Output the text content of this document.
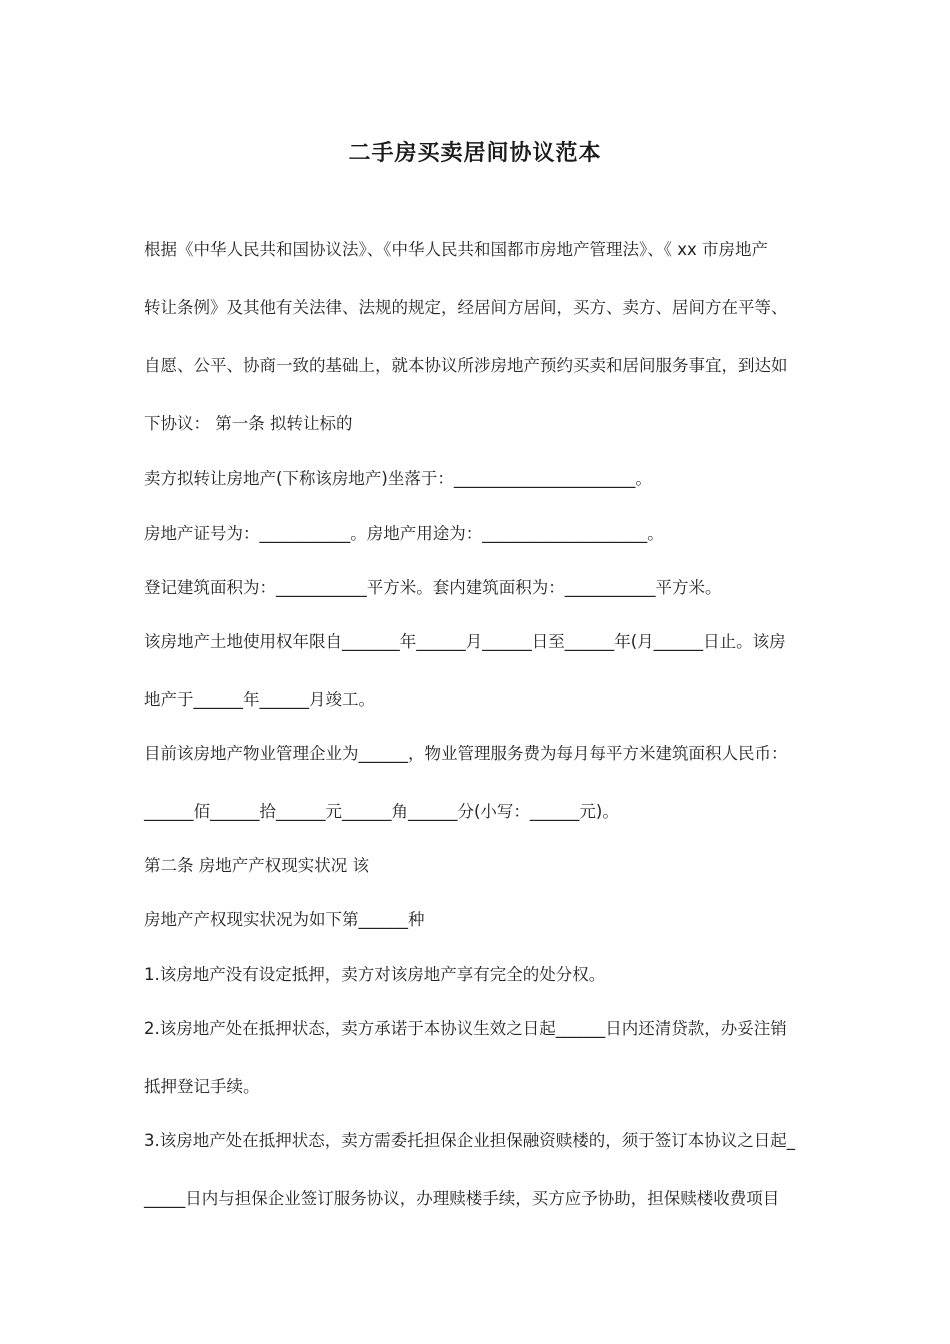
二手房买卖居间协议范本
根据《中华人民共和国协议法》、《中华人民共和国都市房地产管理法》、《 xx 市房地产
转让条例》及其他有关法律、法规的规定，经居间方居间，买方、卖方、居间方在平等、
自愿、公平、协商一致的基础上，就本协议所涉房地产预约买卖和居间服务事宜，到达如
下协议： 第一条 拟转让标的
卖方拟转让房地产(下称该房地产)坐落于：______________________。
房地产证号为：___________。房地产用途为：____________________。
登记建筑面积为：___________平方米。套内建筑面积为：___________平方米。
该房地产土地使用权年限自_______年______月______日至______年(月______日止。该房
地产于______年______月竣工。
目前该房地产物业管理企业为______，物业管理服务费为每月每平方米建筑面积人民币：
______佰______拾______元______角______分(小写：______元)。
第二条 房地产产权现实状况 该
房地产产权现实状况为如下第______种
1.该房地产没有设定抵押，卖方对该房地产享有完全的处分权。
2.该房地产处在抵押状态，卖方承诺于本协议生效之日起______日内还清贷款，办妥注销
抵押登记手续。
3.该房地产处在抵押状态，卖方需委托担保企业担保融资赎楼的，须于签订本协议之日起_
_____日内与担保企业签订服务协议，办理赎楼手续，买方应予协助，担保赎楼收费项目
